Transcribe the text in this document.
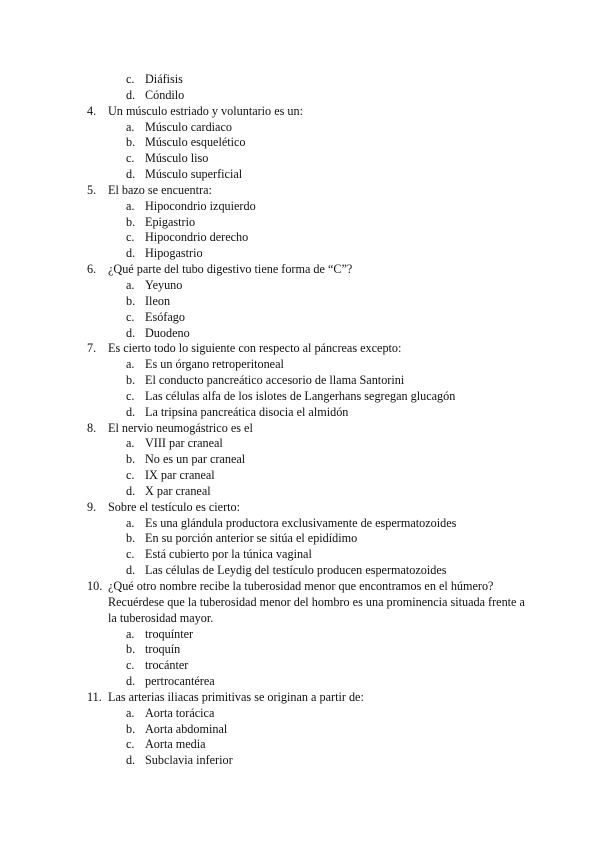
c. Diáfisis
d. Cóndilo
4. Un músculo estriado y voluntario es un:
a. Músculo cardiaco
b. Músculo esquelético
c. Músculo liso
d. Músculo superficial
5. El bazo se encuentra:
a. Hipocondrio izquierdo
b. Epigastrio
c. Hipocondrio derecho
d. Hipogastrio
6. ¿Qué parte del tubo digestivo tiene forma de “C”?
a. Yeyuno
b. Ileon
c. Esófago
d. Duodeno
7. Es cierto todo lo siguiente con respecto al páncreas excepto:
a. Es un órgano retroperitoneal
b. El conducto pancreático accesorio de llama Santorini
c. Las células alfa de los islotes de Langerhans segregan glucagón
d. La tripsina pancreática disocia el almidón
8. El nervio neumogástrico es el
a. VIII par craneal
b. No es un par craneal
c. IX par craneal
d. X par craneal
9. Sobre el testículo es cierto:
a. Es una glándula productora exclusivamente de espermatozoides
b. En su porción anterior se sitúa el epidídimo
c. Está cubierto por la túnica vaginal
d. Las células de Leydig del testículo producen espermatozoides
10. ¿Qué otro nombre recibe la tuberosidad menor que encontramos en el húmero?
Recuérdese que la tuberosidad menor del hombro es una prominencia situada frente a
la tuberosidad mayor.
a. troquínter
b. troquín
c. trocánter
d. pertrocantérea
11. Las arterias iliacas primitivas se originan a partir de:
a. Aorta torácica
b. Aorta abdominal
c. Aorta media
d. Subclavia inferior
